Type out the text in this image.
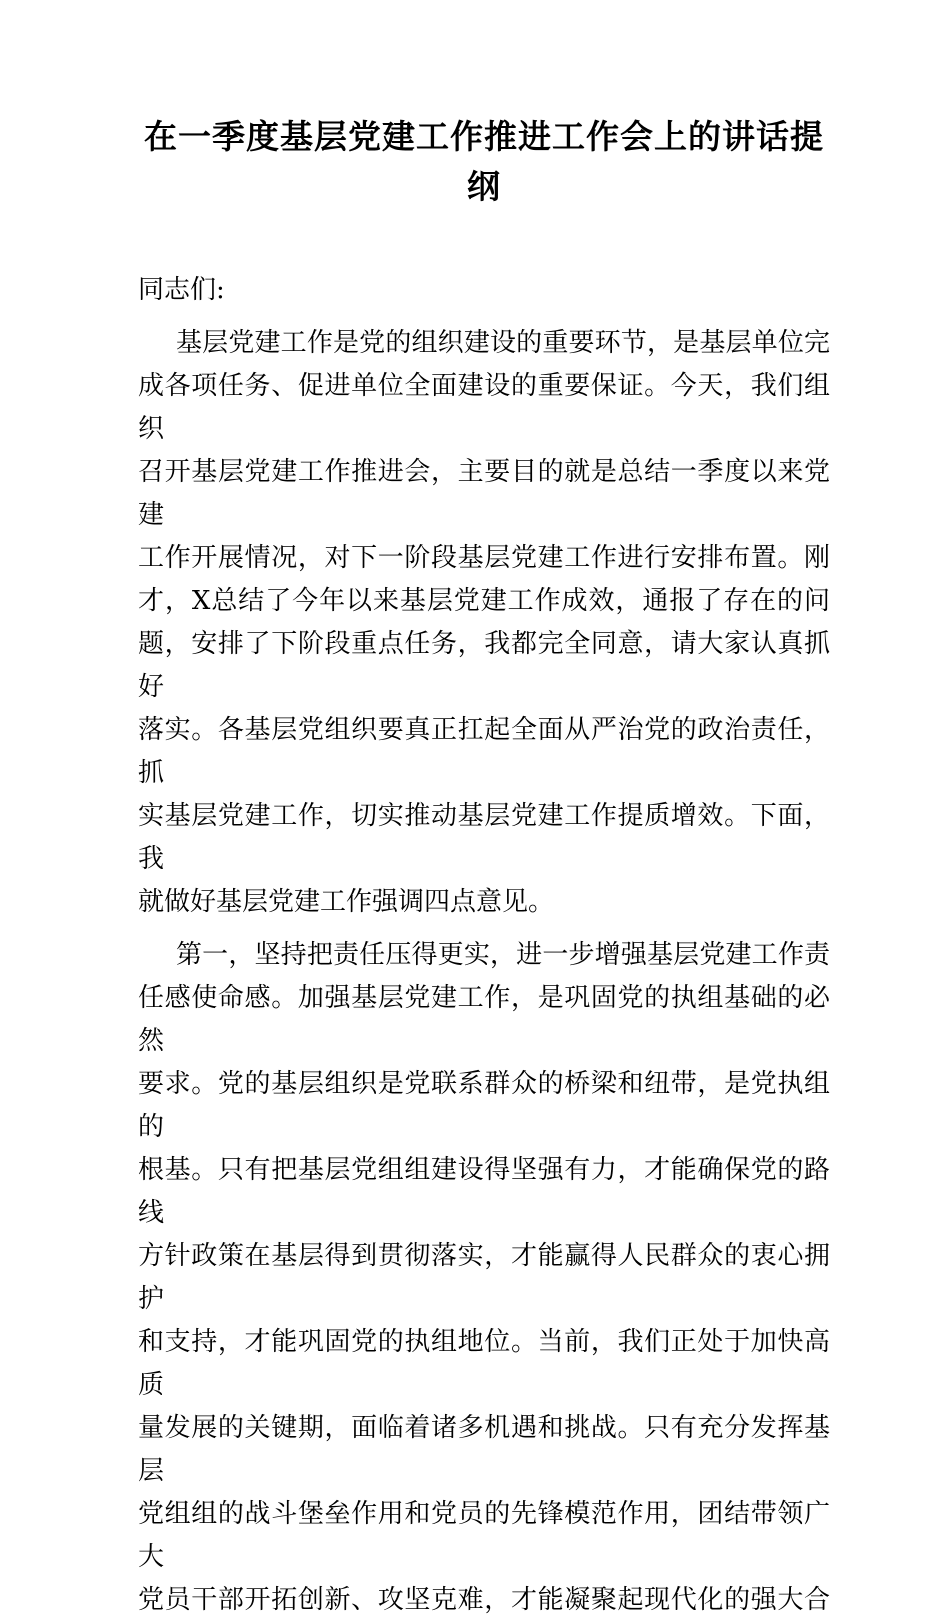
在一季度基层党建工作推进工作会上的讲话提
纲
同志们:
基层党建工作是党的组织建设的重要环节，是基层单位完
成各项任务、促进单位全面建设的重要保证。今天，我们组织
召开基层党建工作推进会，主要目的就是总结一季度以来党建
工作开展情况，对下一阶段基层党建工作进行安排布置。刚
才，X总结了今年以来基层党建工作成效，通报了存在的问
题，安排了下阶段重点任务，我都完全同意，请大家认真抓好
落实。各基层党组织要真正扛起全面从严治党的政治责任，抓
实基层党建工作，切实推动基层党建工作提质增效。下面，我
就做好基层党建工作强调四点意见。
第一，坚持把责任压得更实，进一步增强基层党建工作责
任感使命感。加强基层党建工作，是巩固党的执组基础的必然
要求。党的基层组织是党联系群众的桥梁和纽带，是党执组的
根基。只有把基层党组组建设得坚强有力，才能确保党的路线
方针政策在基层得到贯彻落实，才能赢得人民群众的衷心拥护
和支持，才能巩固党的执组地位。当前，我们正处于加快高质
量发展的关键期，面临着诸多机遇和挑战。只有充分发挥基层
党组组的战斗堡垒作用和党员的先锋模范作用，团结带领广大
党员干部开拓创新、攻坚克难，才能凝聚起现代化的强大合
